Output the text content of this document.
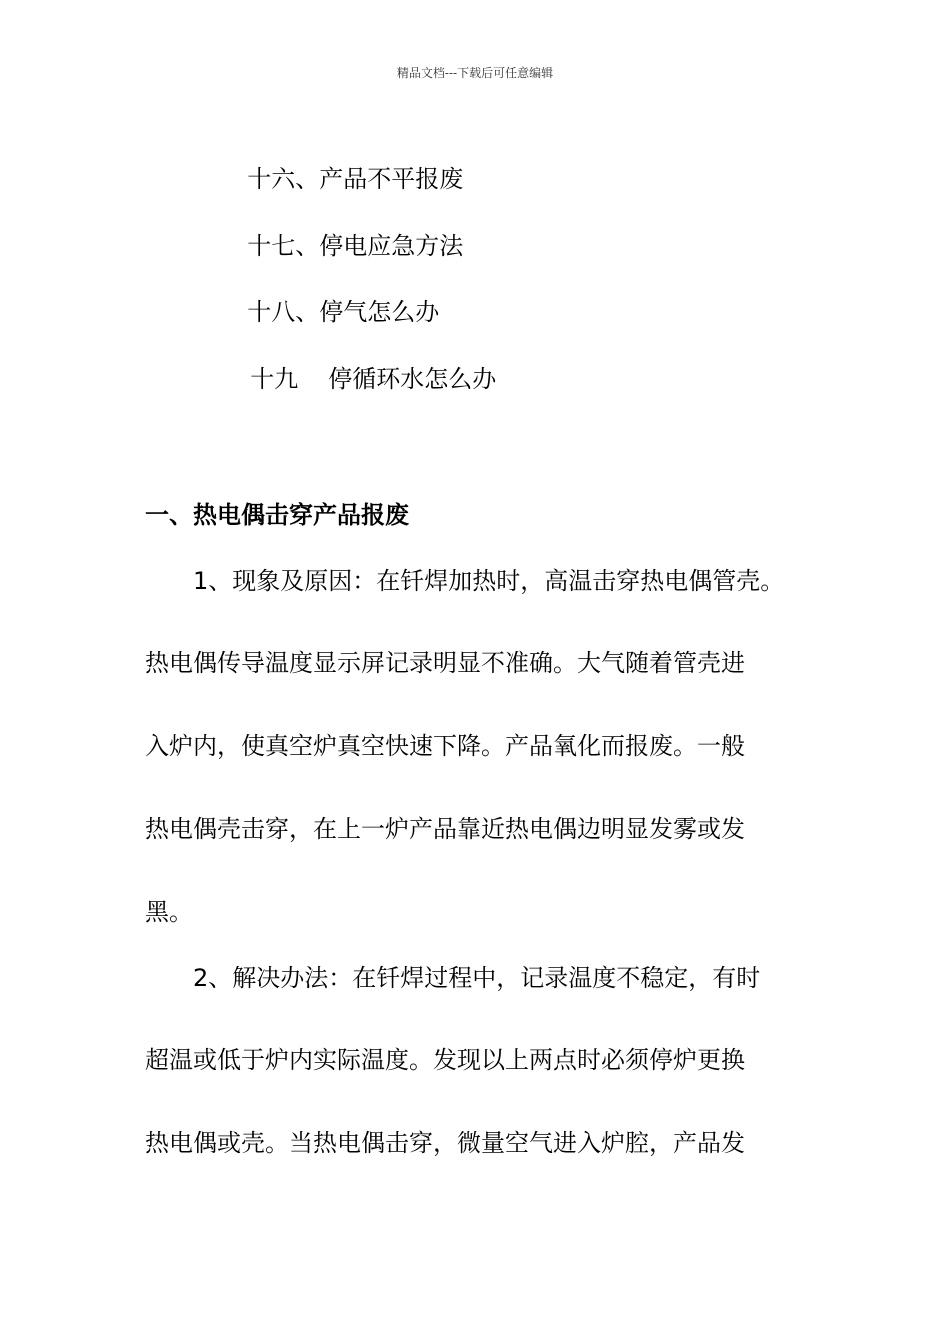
精品文档---下载后可任意编辑

十六、产品不平报废

十七、停电应急方法

十八、停气怎么办

十九 停循环水怎么办

一、热电偶击穿产品报废
1、现象及原因：在钎焊加热时，高温击穿热电偶管壳。
热电偶传导温度显示屏记录明显不准确。大气随着管壳进
入炉内，使真空炉真空快速下降。产品氧化而报废。一般
热电偶壳击穿，在上一炉产品靠近热电偶边明显发雾或发
黑。
2、解决办法：在钎焊过程中，记录温度不稳定，有时
超温或低于炉内实际温度。发现以上两点时必须停炉更换
热电偶或壳。当热电偶击穿，微量空气进入炉腔，产品发
